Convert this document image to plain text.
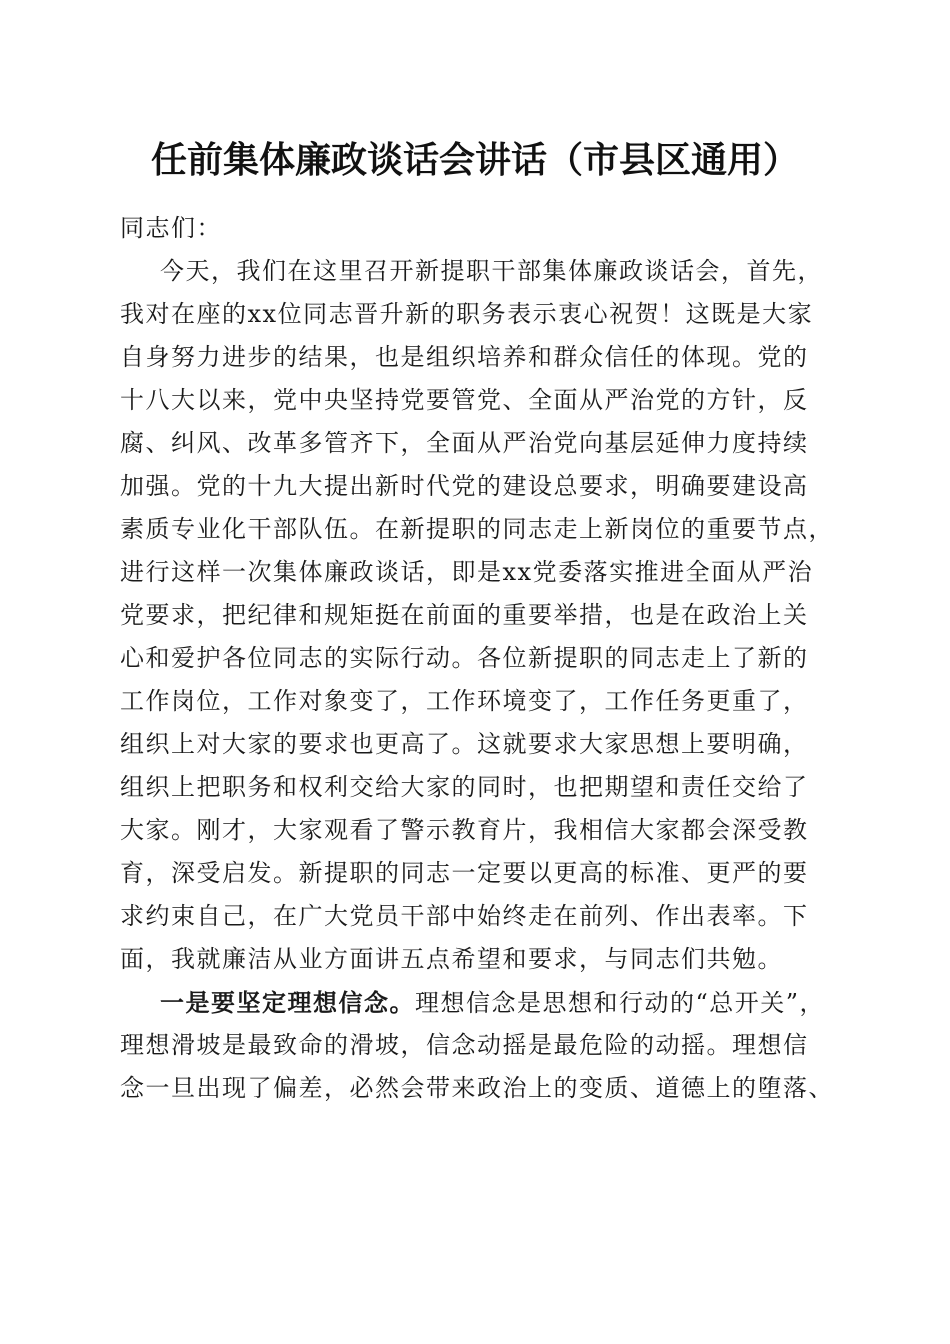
任前集体廉政谈话会讲话（市县区通用）
同志们：
今天，我们在这里召开新提职干部集体廉政谈话会，首先，
我对在座的xx位同志晋升新的职务表示衷心祝贺！这既是大家
自身努力进步的结果，也是组织培养和群众信任的体现。党的
十八大以来，党中央坚持党要管党、全面从严治党的方针，反
腐、纠风、改革多管齐下，全面从严治党向基层延伸力度持续
加强。党的十九大提出新时代党的建设总要求，明确要建设高
素质专业化干部队伍。在新提职的同志走上新岗位的重要节点，
进行这样一次集体廉政谈话，即是xx党委落实推进全面从严治
党要求，把纪律和规矩挺在前面的重要举措，也是在政治上关
心和爱护各位同志的实际行动。各位新提职的同志走上了新的
工作岗位，工作对象变了，工作环境变了，工作任务更重了，
组织上对大家的要求也更高了。这就要求大家思想上要明确，
组织上把职务和权利交给大家的同时，也把期望和责任交给了
大家。刚才，大家观看了警示教育片，我相信大家都会深受教
育，深受启发。新提职的同志一定要以更高的标准、更严的要
求约束自己，在广大党员干部中始终走在前列、作出表率。下
面，我就廉洁从业方面讲五点希望和要求，与同志们共勉。
一是要坚定理想信念。理想信念是思想和行动的“总开关”，
理想滑坡是最致命的滑坡，信念动摇是最危险的动摇。理想信
念一旦出现了偏差，必然会带来政治上的变质、道德上的堕落、
